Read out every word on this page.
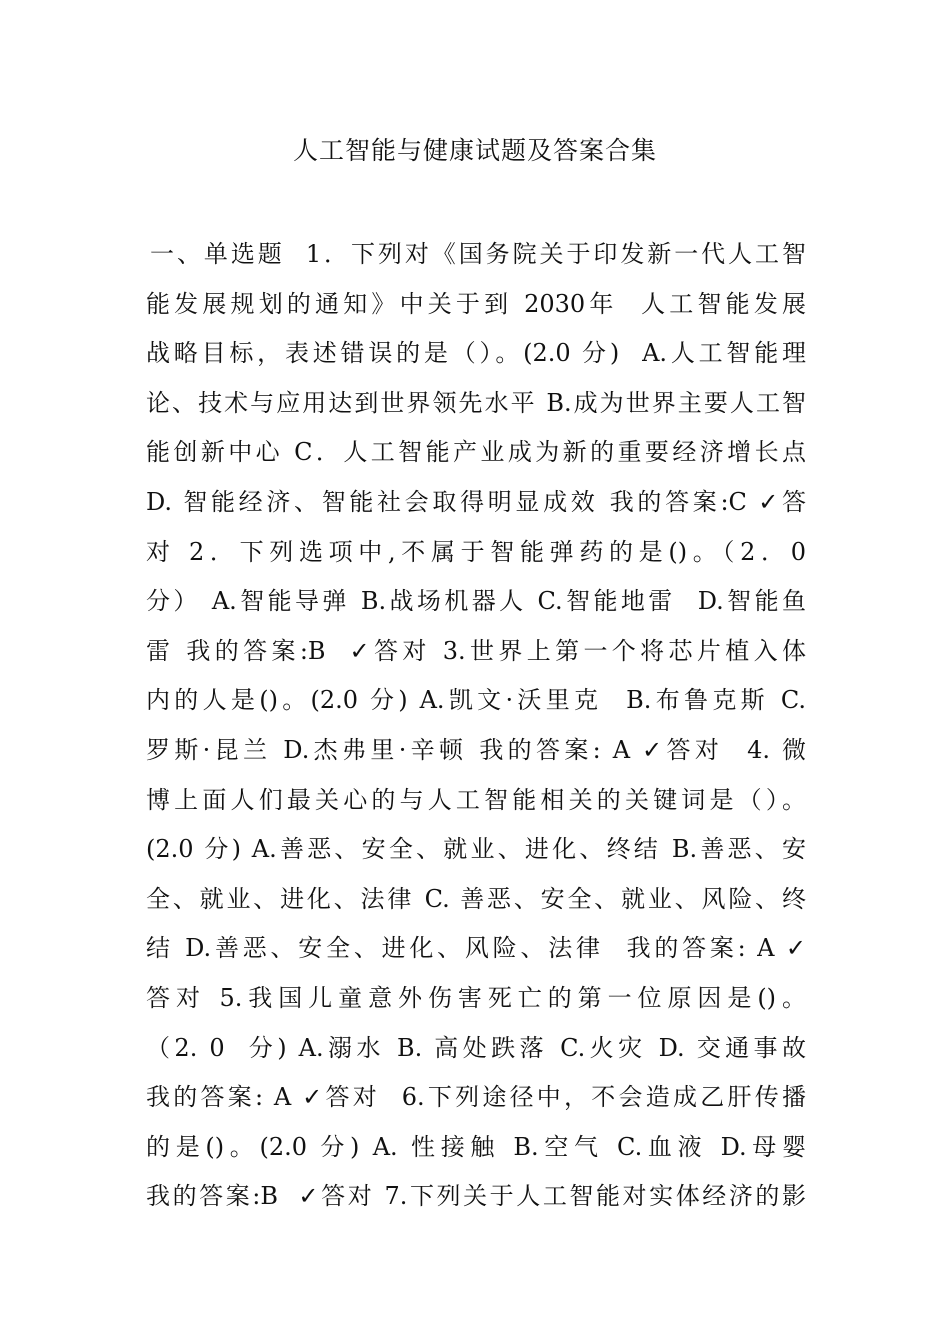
人工智能与健康试题及答案合集
一、单选题  1．下列对《国务院关于印发新一代人工智
能发展规划的通知》中关于到 2030年  人工智能发展
战略目标，表述错误的是（）。(2.0 分)  A.人工智能理
论、技术与应用达到世界领先水平 B.成为世界主要人工智
能创新中心 C．人工智能产业成为新的重要经济增长点
D. 智能经济、智能社会取得明显成效 我的答案:C ✓答
对 2．下列选项中,不属于智能弹药的是()。（2．0
分） A.智能导弹 B.战场机器人 C.智能地雷  D.智能鱼
雷 我的答案:B  ✓答对 3.世界上第一个将芯片植入体
内的人是()。(2.0 分) A.凯文·沃里克  B.布鲁克斯 C.
罗斯·昆兰 D.杰弗里·辛顿 我的答案: A ✓答对  4. 微
博上面人们最关心的与人工智能相关的关键词是（）。
(2.0 分) A.善恶、安全、就业、进化、终结 B.善恶、安
全、就业、进化、法律 C. 善恶、安全、就业、风险、终
结 D.善恶、安全、进化、风险、法律  我的答案: A ✓
答对 5.我国儿童意外伤害死亡的第一位原因是()。
（2. 0  分) A.溺水 B. 高处跌落 C.火灾 D. 交通事故
我的答案: A ✓答对  6.下列途径中，不会造成乙肝传播
的是()。(2.0 分) A. 性接触 B.空气 C.血液 D.母婴
我的答案:B  ✓答对 7.下列关于人工智能对实体经济的影
